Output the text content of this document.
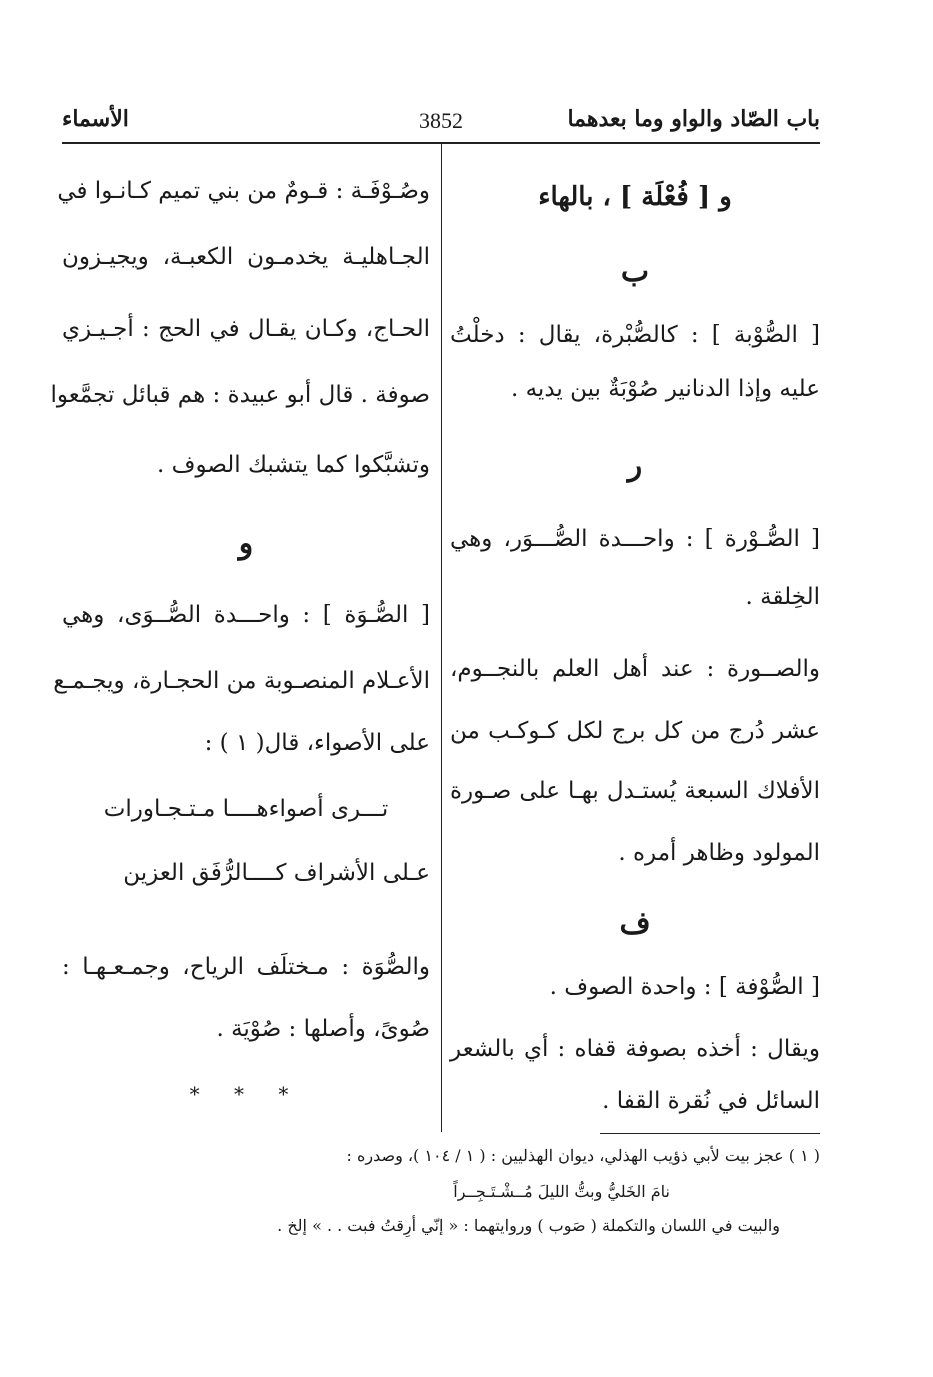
باب الصّاد والواو وما بعدهما
3852
الأسماء
و [ فُعْلَة ] ، بالهاء
ب
[ الصُّوْبة ] : كالصُّبْرة، يقال : دخلْتُ
عليه وإذا الدنانير صُوْبَةٌ بين يديه .
ر
[ الصُّـوْرة ] : واحـــدة الصُّـــوَر، وهي
الخِلقة .
والصــورة : عند أهل العلم بالنجــوم،
عشر دُرج من كل برج لكل كـوكـب من
الأفلاك السبعة يُستـدل بهـا على صـورة
المولود وظاهر أمره .
ف
[ الصُّوْفة ] : واحدة الصوف .
ويقال : أخذه بصوفة قفاه : أي بالشعر
السائل في نُقرة القفا .
وصُـوْفَـة : قـومٌ من بني تميم كـانـوا في
الجـاهليـة يخدمـون الكعبـة، ويجيـزون
الحـاج، وكـان يقـال في الحج : أجـيـزي
صوفة . قال أبو عبيدة : هم قبائل تجمَّعوا
وتشبَّكوا كما يتشبك الصوف .
و
[ الصُّـوَة ] : واحـــدة الصُّــوَى، وهي
الأعـلام المنصـوبة من الحجـارة، ويجـمـع
على الأصواء، قال( ١ ) :
تـــرى أصواءهــــا مـتـجـاورات
عـلى الأشراف كــــالرُّفَق العزين
والصُّوَة : مـختلَف الرياح، وجمـعـهـا :
صُوىً، وأصلها : صُوْيَة .
* * *
( ١ ) عجز بيت لأبي ذؤيب الهذلي، ديوان الهذليين : ( ١ / ١٠٤ )، وصدره :
نامَ الخَليُّ وبتُّ الليلَ مُــشْـتَـجِــراً
والبيت في اللسان والتكملة ( صَوب ) وروايتهما : « إنّي أرِقتُ فبت . . » إلخ .
